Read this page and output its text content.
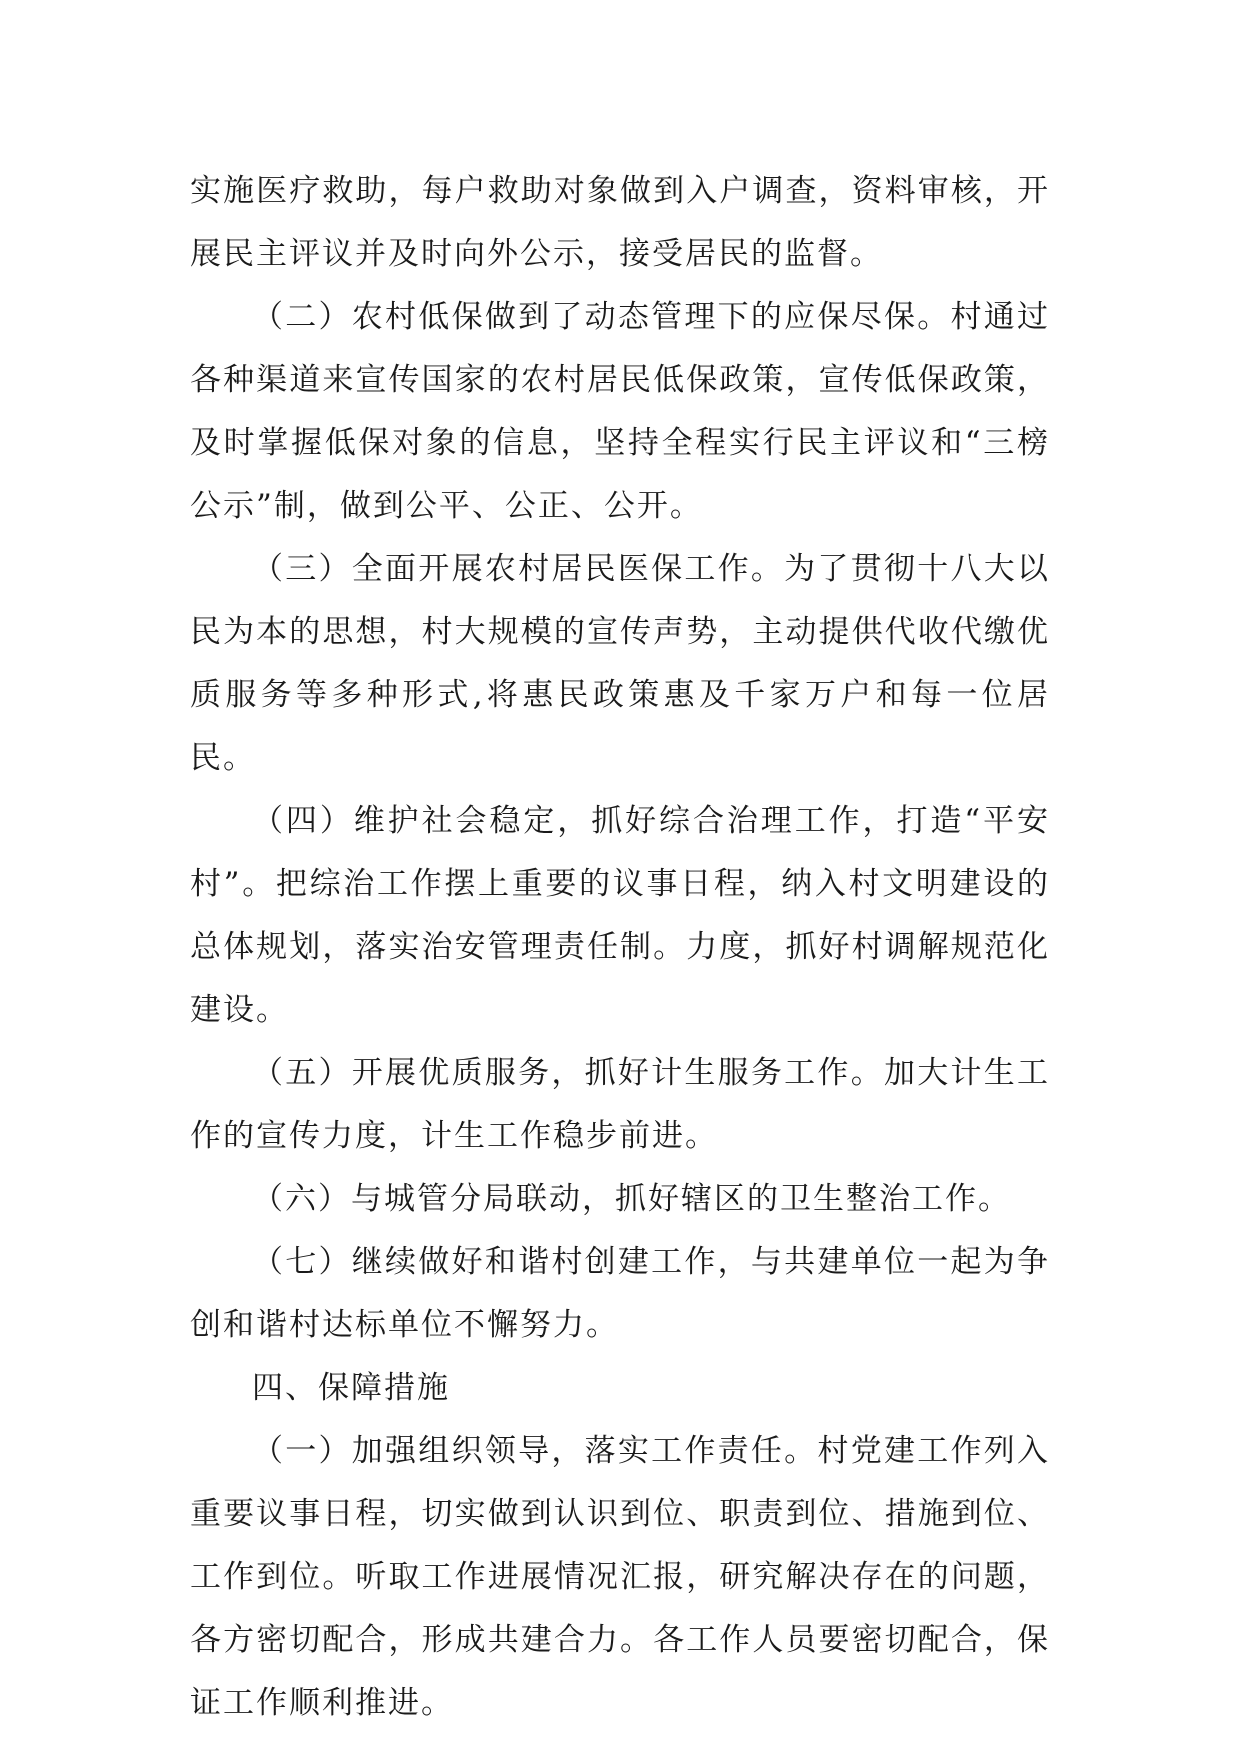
实施医疗救助，每户救助对象做到入户调查，资料审核，开展民主评议并及时向外公示，接受居民的监督。

（二）农村低保做到了动态管理下的应保尽保。村通过各种渠道来宣传国家的农村居民低保政策，宣传低保政策，及时掌握低保对象的信息，坚持全程实行民主评议和“三榜公示”制，做到公平、公正、公开。

（三）全面开展农村居民医保工作。为了贯彻十八大以民为本的思想，村大规模的宣传声势，主动提供代收代缴优质服务等多种形式,将惠民政策惠及千家万户和每一位居民。

（四）维护社会稳定，抓好综合治理工作，打造“平安村”。把综治工作摆上重要的议事日程，纳入村文明建设的总体规划，落实治安管理责任制。力度，抓好村调解规范化建设。

（五）开展优质服务，抓好计生服务工作。加大计生工作的宣传力度，计生工作稳步前进。

（六）与城管分局联动，抓好辖区的卫生整治工作。

（七）继续做好和谐村创建工作，与共建单位一起为争创和谐村达标单位不懈努力。

四、保障措施

（一）加强组织领导，落实工作责任。村党建工作列入重要议事日程，切实做到认识到位、职责到位、措施到位、工作到位。听取工作进展情况汇报，研究解决存在的问题，各方密切配合，形成共建合力。各工作人员要密切配合，保证工作顺利推进。
